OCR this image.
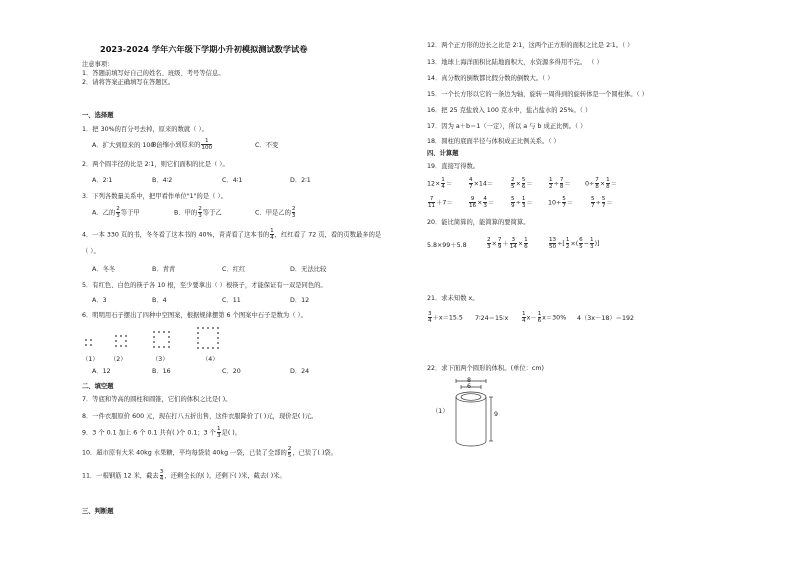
2023-2024 学年六年级下学期小升初模拟测试数学试卷
注意事项：
1．答题前填写好自己的姓名、班级、考号等信息。
2．请将答案正确填写在答题区。
一、选择题
1．把 30%的百分号去掉，原来的数就（ ）。
A．扩大到原来的 100 倍
B．缩小到原来的 $\frac{1}{100}$	C．不变
2．两个圆半径的比是 2∶1，则它们面积的比是（ ）。
A．2∶1	B．4∶2	C．4∶1	D．2∶1
3．下列各数量关系中，把甲看作单位"1"的是（ ）。
A．乙的 $\frac{2}{3}$ 等于甲	B．甲的 $\frac{2}{3}$ 等于乙	C．甲是乙的 $\frac{2}{3}$
4．一本 330 页的书，冬冬看了这本书的 40%，青青看了这本书的 $\frac{1}{4}$ ，红红看了 72 页，看的页数最多的是
（ ）。
A．冬冬	B．青青	C．红红	D．无法比较
5．有红色、白色的筷子各 10 根，至少要拿出（ ）根筷子，才能保证有一双是同色的。
A．3	B．4	C．11	D．12
6．明明用石子摆出了四种中空图案，根据规律摆第 6 个图案中石子是数为（ ）。
（1） （2）	（3）	（4）
A．12	B．16	C．20	D．24
二、填空题
7．等底和等高的圆柱和圆锥，它们的体积之比是( )。
8．一件衣服原价 600 元，现在打八五折出售，这件衣服降价了( )元，现价是( )元。
9．3 个 0.1 加上 6 个 0.1 共有( )个 0.1；3 个 $\frac{1}{3}$ 是( )。
10．超市原有大米 40kg 水果糖，平均每袋装 40kg 一袋，已装了全部的 $\frac{2}{5}$ ，已装了( )袋。
11．一根钢筋 12 米，截去 $\frac{3}{4}$ ，还剩全长的( )，还剩下( )米，截去( )米。
三、判断题
12．两个正方形的边长之比是 2∶1，这两个正方形的面积之比是 2∶1。（ ）
13．地球上海洋面积比陆地面积大，水资源多得用不完。 （ ）
14．真分数的倒数都比假分数的倒数大。（ ）
15．一个长方形以它的一条边为轴，旋转一周得到的旋转体是一个圆柱体。（ ）
16．把 25 克盐放入 100 克水中，盐占盐水的 25%。（ ）
17．因为 a＋b＝1（一定），所以 a 与 b 成正比例。（ ）
18．圆柱的底面半径与体积成正比例关系。（ ）
四、计算题
19．直接写得数。
$12\times \frac{1}{4}$ ＝	$\frac{4}{7} \times 14=$	$\frac{2}{5} \times \frac{5}{6}$ ＝	$\frac{1}{2} \div \frac{7}{8} = 0\div \frac{7}{8} \times \frac{1}{8}$ ＝
$\frac{7}{11} +7=$	$\frac{9}{16} \times \frac{4}{3}$ ＝	$\frac{5}{9} \div \frac{1}{3} = 10\div \frac{5}{7}$ ＝	$\frac{5}{7} \div \frac{5}{7}$ ＝
20．能比简算的，能简算的要简算。
5.8×99＋5.8	$\frac{2}{3} \times \frac{7}{9} + \frac{3}{14} \times \frac{1}{6}$	$\frac{13}{50}$ ÷[ $\frac{1}{2}$ ×( $\frac{6}{5} - \frac{1}{3}$ )]
21．求未知数 x。
$\frac{3}{4} +x=15.5$ 7∶24＝15∶x $\frac{1}{4} x- \frac{1}{6} x=30\%$ 4（3x－18）＝192
22．求下面两个圆形的体积。(单位：cm)
（1）
8
6
9
